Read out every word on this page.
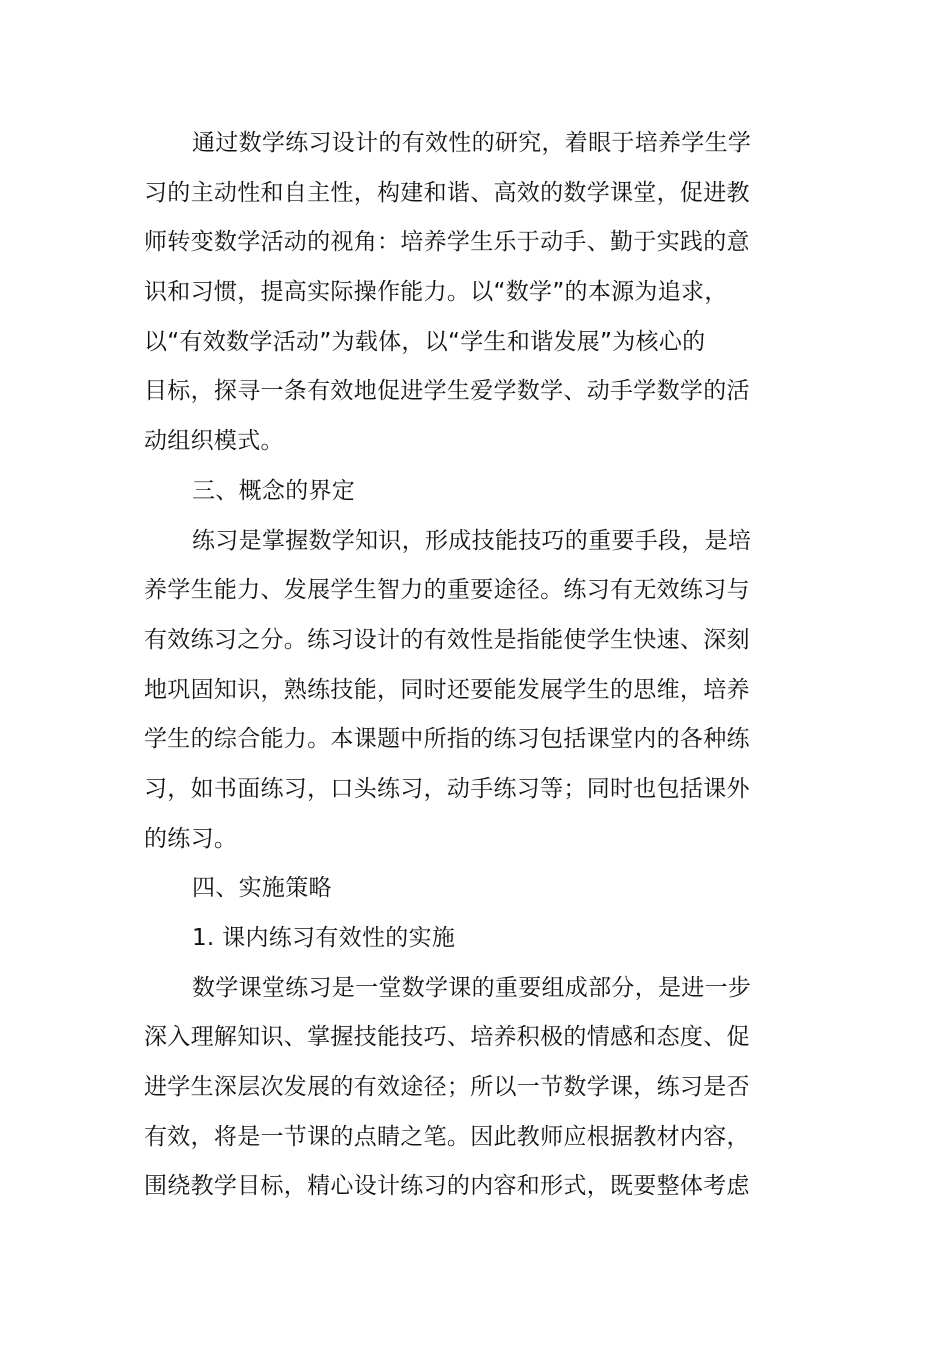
通过数学练习设计的有效性的研究，着眼于培养学生学
习的主动性和自主性，构建和谐、高效的数学课堂，促进教
师转变数学活动的视角：培养学生乐于动手、勤于实践的意
识和习惯，提高实际操作能力。以“数学”的本源为追求，
以“有效数学活动”为载体，以“学生和谐发展”为核心的
目标，探寻一条有效地促进学生爱学数学、动手学数学的活
动组织模式。
三、概念的界定
练习是掌握数学知识，形成技能技巧的重要手段，是培
养学生能力、发展学生智力的重要途径。练习有无效练习与
有效练习之分。练习设计的有效性是指能使学生快速、深刻
地巩固知识，熟练技能，同时还要能发展学生的思维，培养
学生的综合能力。本课题中所指的练习包括课堂内的各种练
习，如书面练习，口头练习，动手练习等；同时也包括课外
的练习。
四、实施策略
1. 课内练习有效性的实施
数学课堂练习是一堂数学课的重要组成部分，是进一步
深入理解知识、掌握技能技巧、培养积极的情感和态度、促
进学生深层次发展的有效途径；所以一节数学课，练习是否
有效，将是一节课的点睛之笔。因此教师应根据教材内容，
围绕教学目标，精心设计练习的内容和形式，既要整体考虑
